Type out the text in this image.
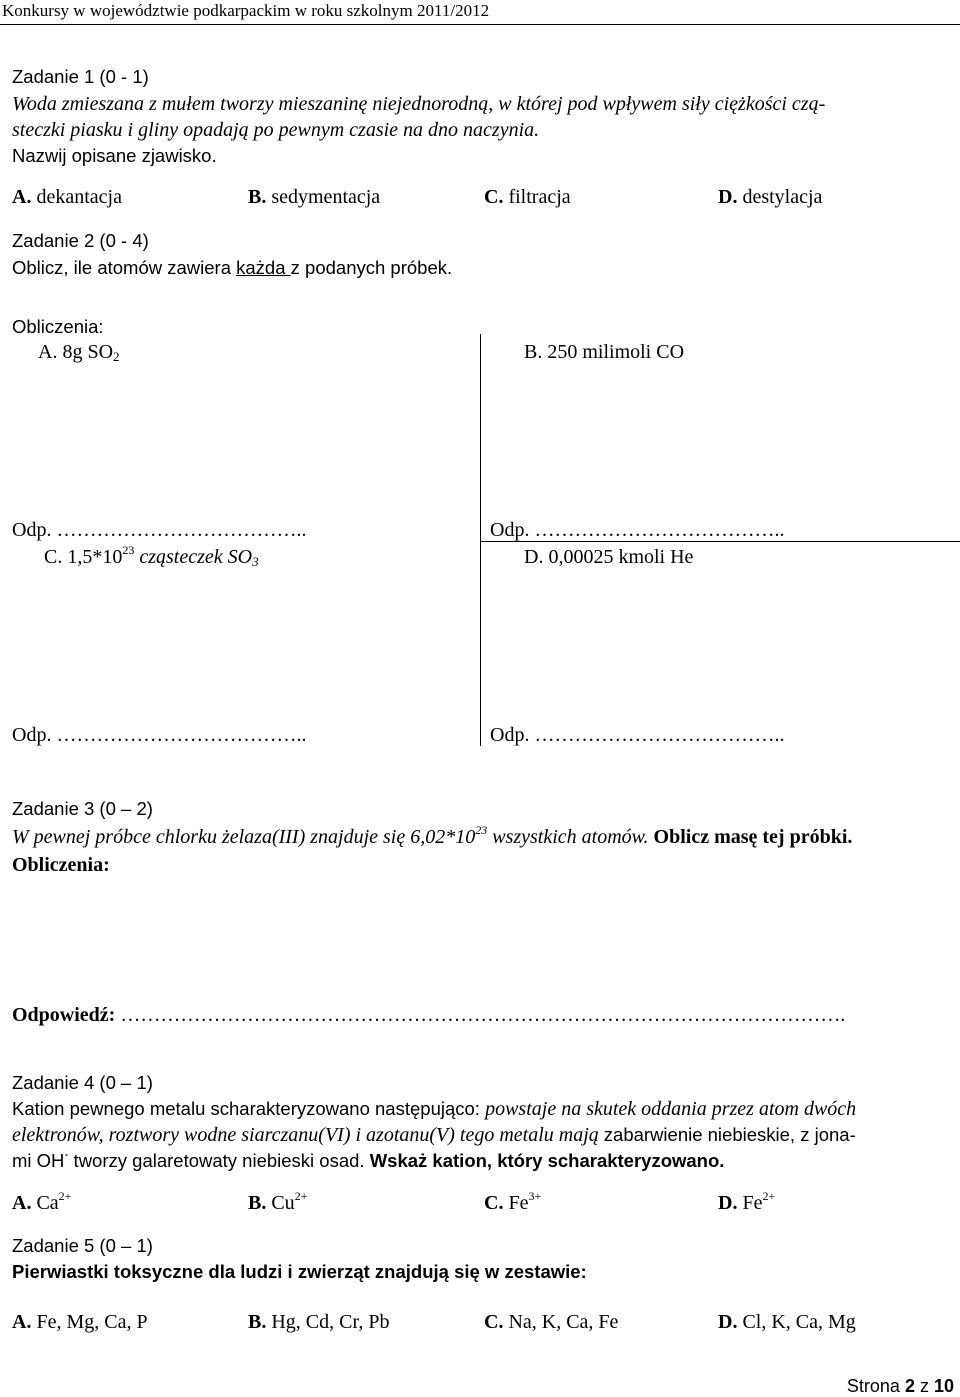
Konkursy w województwie podkarpackim w roku szkolnym 2011/2012
Zadanie 1 (0 - 1)
Woda zmieszana z mułem tworzy mieszaninę niejednorodną, w której pod wpływem siły ciężkości czą-
steczki piasku i gliny opadają po pewnym czasie na dno naczynia.
Nazwij opisane zjawisko.
A. dekantacja	B. sedymentacja	C. filtracja	D. destylacja
Zadanie 2 (0 - 4)
Oblicz, ile atomów zawiera każda z podanych próbek.
Obliczenia:
A. 8g $SO_2$	B. 250 milimoli CO
Odp. ………………………………..	Odp. ………………………………..
C. $1,5*10^{23}$ cząsteczek $SO_3$	D. 0,00025 kmoli He
Odp. ………………………………..	Odp. ………………………………..
Zadanie 3 (0 – 2)
W pewnej próbce chlorku żelaza(III) znajduje się $6,02*10^{23}$ wszystkich atomów. Oblicz masę tej próbki.
Obliczenia:
Odpowiedź: ……………………………………………………………………………………………….
Zadanie 4 (0 – 1)
Kation pewnego metalu scharakteryzowano następująco: powstaje na skutek oddania przez atom dwóch
elektronów, roztwory wodne siarczanu(VI) i azotanu(V) tego metalu mają zabarwienie niebieskie, z jona-
mi OH- tworzy galaretowaty niebieski osad. Wskaż kation, który scharakteryzowano.
A. $Ca^{2+}$	B. $Cu^{2+}$	C. $Fe^{3+}$	D. $Fe^{2+}$
Zadanie 5 (0 – 1)
Pierwiastki toksyczne dla ludzi i zwierząt znajdują się w zestawie:
A. Fe, Mg, Ca, P	B. Hg, Cd, Cr, Pb	C. Na, K, Ca, Fe	D. Cl, K, Ca, Mg
Strona 2 z 10
